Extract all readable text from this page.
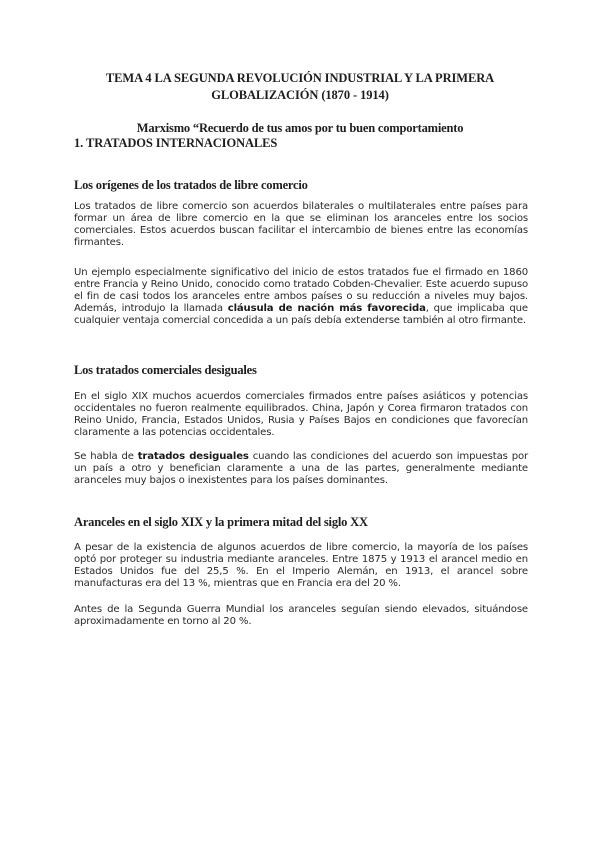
TEMA 4 LA SEGUNDA REVOLUCIÓN INDUSTRIAL Y LA PRIMERA
GLOBALIZACIÓN (1870 - 1914)
Marxismo “Recuerdo de tus amos por tu buen comportamiento
1. TRATADOS INTERNACIONALES
Los orígenes de los tratados de libre comercio
Los tratados de libre comercio son acuerdos bilaterales o multilaterales entre países para formar un área de libre comercio en la que se eliminan los aranceles entre los socios comerciales. Estos acuerdos buscan facilitar el intercambio de bienes entre las economías firmantes.
Un ejemplo especialmente significativo del inicio de estos tratados fue el firmado en 1860 entre Francia y Reino Unido, conocido como tratado Cobden-Chevalier. Este acuerdo supuso el fin de casi todos los aranceles entre ambos países o su reducción a niveles muy bajos. Además, introdujo la llamada cláusula de nación más favorecida, que implicaba que cualquier ventaja comercial concedida a un país debía extenderse también al otro firmante.
Los tratados comerciales desiguales
En el siglo XIX muchos acuerdos comerciales firmados entre países asiáticos y potencias occidentales no fueron realmente equilibrados. China, Japón y Corea firmaron tratados con Reino Unido, Francia, Estados Unidos, Rusia y Países Bajos en condiciones que favorecían claramente a las potencias occidentales.
Se habla de tratados desiguales cuando las condiciones del acuerdo son impuestas por un país a otro y benefician claramente a una de las partes, generalmente mediante aranceles muy bajos o inexistentes para los países dominantes.
Aranceles en el siglo XIX y la primera mitad del siglo XX
A pesar de la existencia de algunos acuerdos de libre comercio, la mayoría de los países optó por proteger su industria mediante aranceles. Entre 1875 y 1913 el arancel medio en Estados Unidos fue del 25,5 %. En el Imperio Alemán, en 1913, el arancel sobre manufacturas era del 13 %, mientras que en Francia era del 20 %.
Antes de la Segunda Guerra Mundial los aranceles seguían siendo elevados, situándose aproximadamente en torno al 20 %.
